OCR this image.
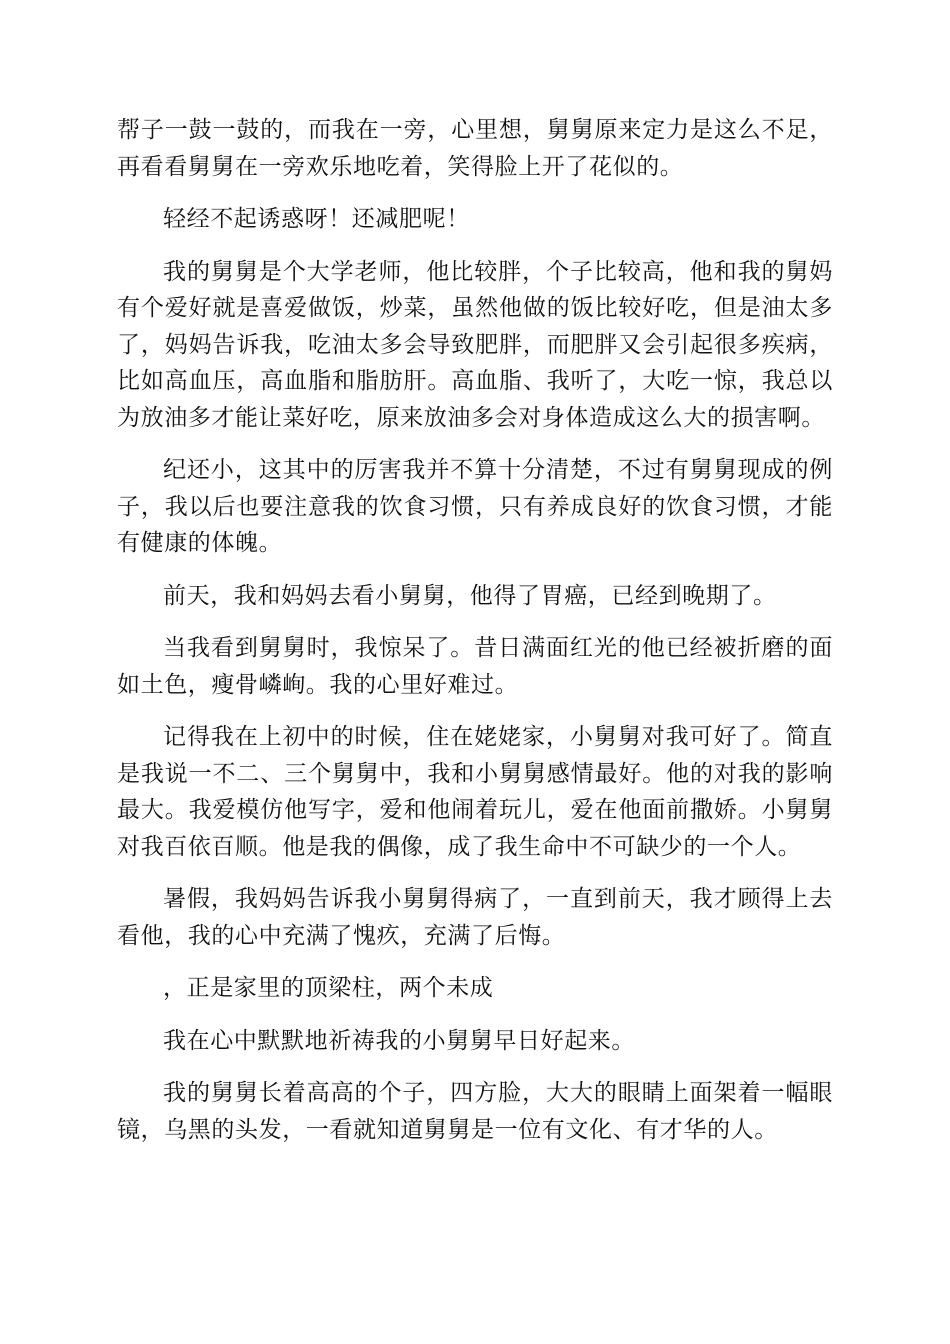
帮子一鼓一鼓的，而我在一旁，心里想，舅舅原来定力是这么不足，再看看舅舅在一旁欢乐地吃着，笑得脸上开了花似的。

轻经不起诱惑呀！还减肥呢！

我的舅舅是个大学老师，他比较胖，个子比较高，他和我的舅妈有个爱好就是喜爱做饭，炒菜，虽然他做的饭比较好吃，但是油太多了，妈妈告诉我，吃油太多会导致肥胖，而肥胖又会引起很多疾病，比如高血压，高血脂和脂肪肝。高血脂、我听了，大吃一惊，我总以为放油多才能让菜好吃，原来放油多会对身体造成这么大的损害啊。

纪还小，这其中的厉害我并不算十分清楚，不过有舅舅现成的例子，我以后也要注意我的饮食习惯，只有养成良好的饮食习惯，才能有健康的体魄。

前天，我和妈妈去看小舅舅，他得了胃癌，已经到晚期了。

当我看到舅舅时，我惊呆了。昔日满面红光的他已经被折磨的面如土色，瘦骨嶙峋。我的心里好难过。

记得我在上初中的时候，住在姥姥家，小舅舅对我可好了。简直是我说一不二、三个舅舅中，我和小舅舅感情最好。他的对我的影响最大。我爱模仿他写字，爱和他闹着玩儿，爱在他面前撒娇。小舅舅对我百依百顺。他是我的偶像，成了我生命中不可缺少的一个人。

暑假，我妈妈告诉我小舅舅得病了，一直到前天，我才顾得上去看他，我的心中充满了愧疚，充满了后悔。

，正是家里的顶梁柱，两个未成

我在心中默默地祈祷我的小舅舅早日好起来。

我的舅舅长着高高的个子，四方脸，大大的眼睛上面架着一幅眼镜，乌黑的头发，一看就知道舅舅是一位有文化、有才华的人。
